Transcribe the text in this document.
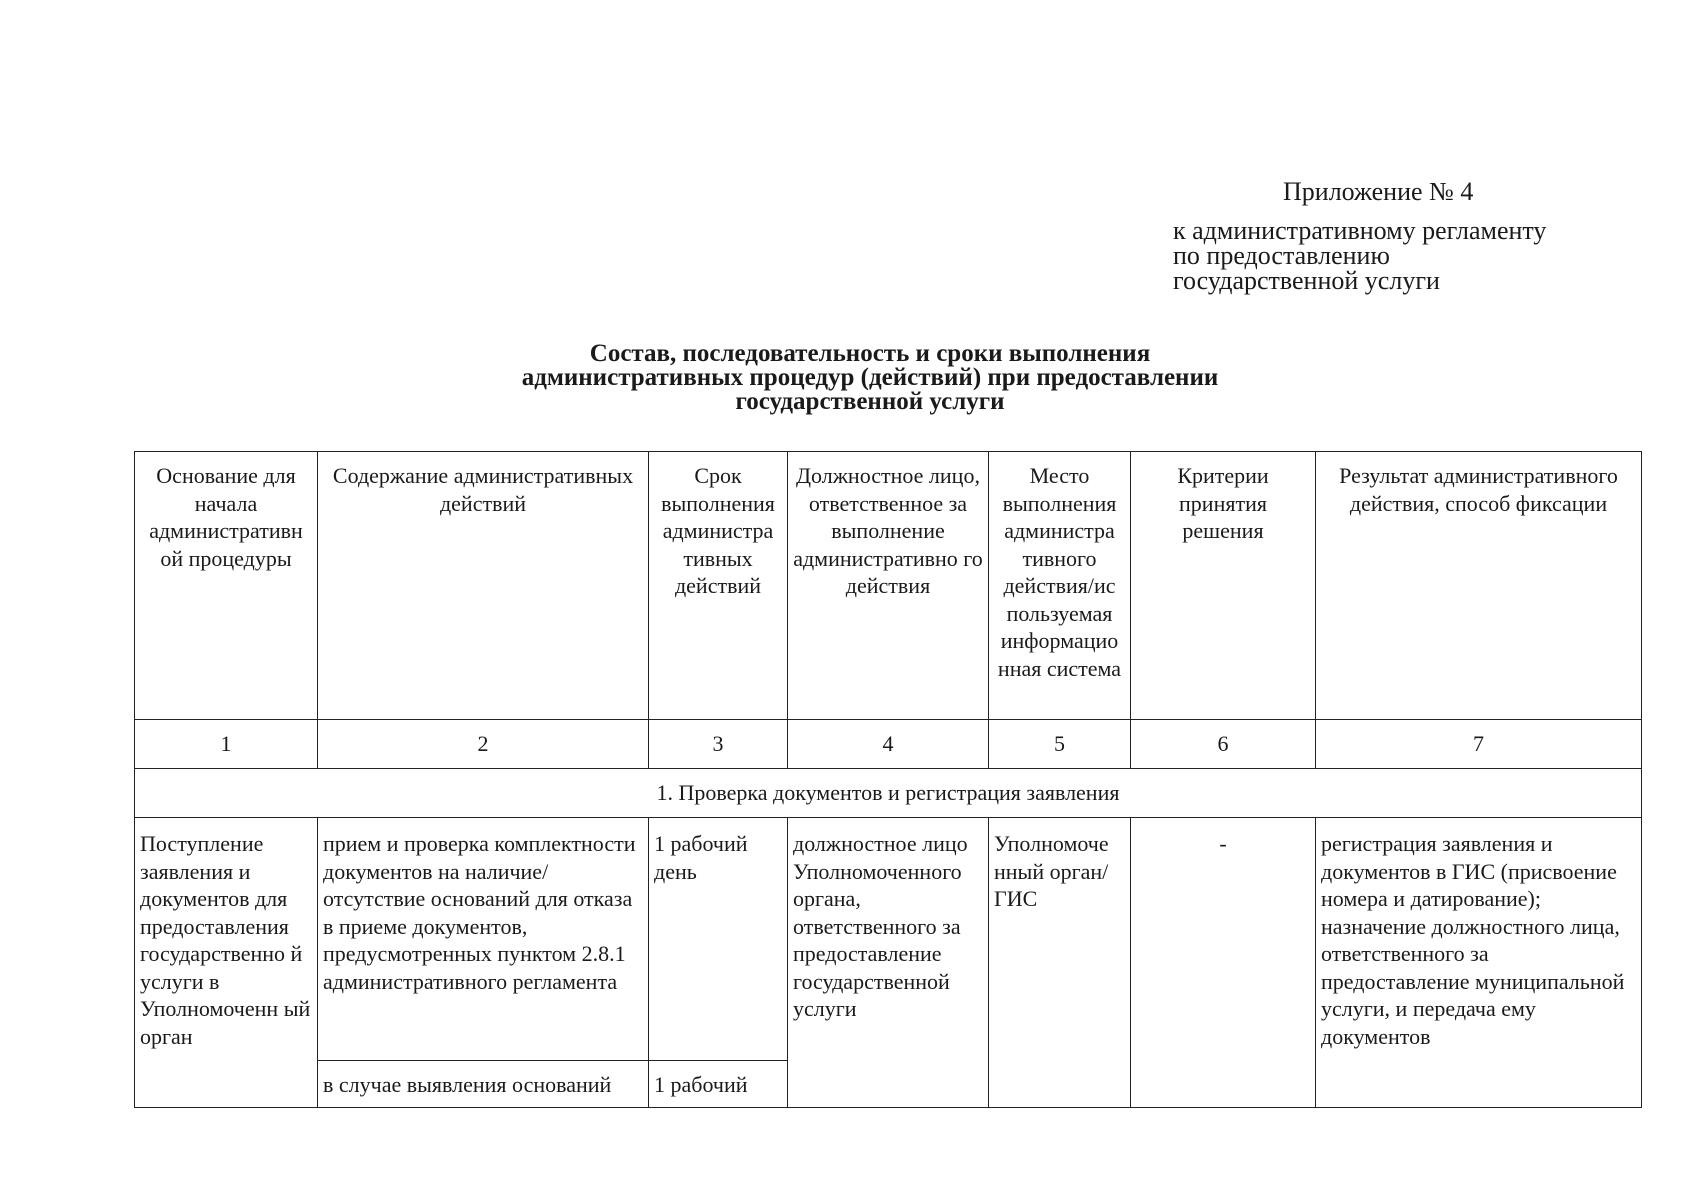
Приложение № 4
к административному регламенту
по предоставлению
государственной услуги
Состав, последовательность и сроки выполнения
административных процедур (действий) при предоставлении
государственной услуги
Основание для начала административн ой процедуры	Содержание административных действий	Срок выполнения администра тивных действий	Должностное лицо, ответственное за выполнение административно го действия	Место выполнения администра тивного действия/ис пользуемая информацио нная система	Критерии принятия решения	Результат административного действия, способ фиксации
1	2	3	4	5	6	7
1. Проверка документов и регистрация заявления						
Поступление заявления и документов для предоставления государственно й услуги в Уполномоченн ый орган	прием и проверка комплектности документов на наличие/отсутствие оснований для отказа в приеме документов, предусмотренных пунктом 2.8.1 административного регламента	1 рабочий день	должностное лицо Уполномоченного органа, ответственного за предоставление государственной услуги	Уполномоче нный орган/ГИС	-	регистрация заявления и документов в ГИС (присвоение номера и датирование); назначение должностного лица, ответственного за предоставление муниципальной услуги, и передача ему документов
	в случае выявления оснований	1 рабочий				
